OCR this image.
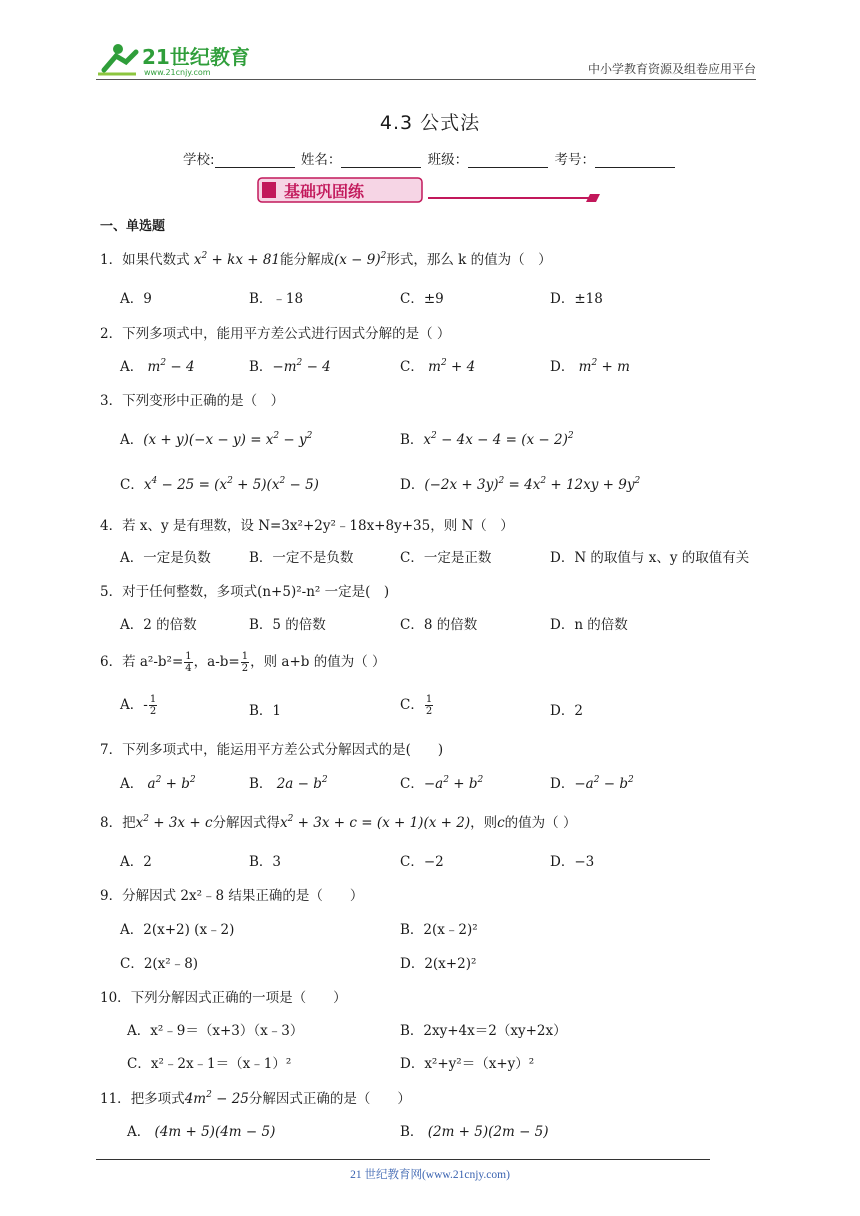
21世纪教育
www.21cnjy.com	中小学教育资源及组卷应用平台
4.3 公式法
学校:	姓名：	班级：	考号：
基础巩固练
一、单选题
1．如果代数式 $x^2$ + kx + 81能分解成$(x - 9)^2$形式，那么 k 的值为（　）
A．9	B．﹣18	C．±9	D．±18
2．下列多项式中，能用平方差公式进行因式分解的是（ ）
A． $m^2 - 4$	B．$-m^2 - 4$	C． $m^2 + 4$	D． $m^2 + m$
3．下列变形中正确的是（　）
A．$(x + y)(-x - y) = x^2 - y^2$	B．$x^2 - 4x - 4 = (x - 2)^2$
C．$x^4 - 25 = (x^2 + 5)(x^2 - 5)$	D．$(-2x + 3y)^2 = 4x^2 + 12xy + 9y^2$
4．若 x、y 是有理数，设 N=3x²+2y²﹣18x+8y+35，则 N（　）
A．一定是负数	B．一定不是负数	C．一定是正数	D．N 的取值与 x、y 的取值有关
5．对于任何整数，多项式(n+5)²-n² 一定是(　)
A．2 的倍数	B．5 的倍数	C．8 的倍数	D．n 的倍数
6．若 $a^2-b^2= \frac{1}{4}$ ，$a-b= \frac{1}{2}$ ，则 a+b 的值为（ ）
A．- $\frac{1}{2}$	B．1	C． $\frac{1}{2}$	D．2
7．下列多项式中，能运用平方差公式分解因式的是(　　)
A． $a^2 + b^2$	B． $2a - b^2$	C．$-a^2 + b^2$	D．$-a^2 - b^2$
8．把$x^2 + 3x + c$分解因式得$x^2 + 3x + c = (x + 1)(x + 2)$，则c的值为（ ）
A．2	B．3	C．−2	D．−3
9．分解因式 2x²﹣8 结果正确的是（　　）
A．2(x+2) (x﹣2)	B．2(x﹣2)²
C．2(x²﹣8)	D．2(x+2)²
10．下列分解因式正确的一项是（　　）
A．x²﹣9＝（x+3）（x﹣3）	B．2xy+4x＝2（xy+2x）
C．x²﹣2x﹣1＝（x﹣1）²	D．x²+y²＝（x+y）²
11．把多项式$4m^2 - 25$分解因式正确的是（　　）
A． (4m + 5)(4m − 5)	B． (2m + 5)(2m − 5)
21 世纪教育网(www.21cnjy.com)
